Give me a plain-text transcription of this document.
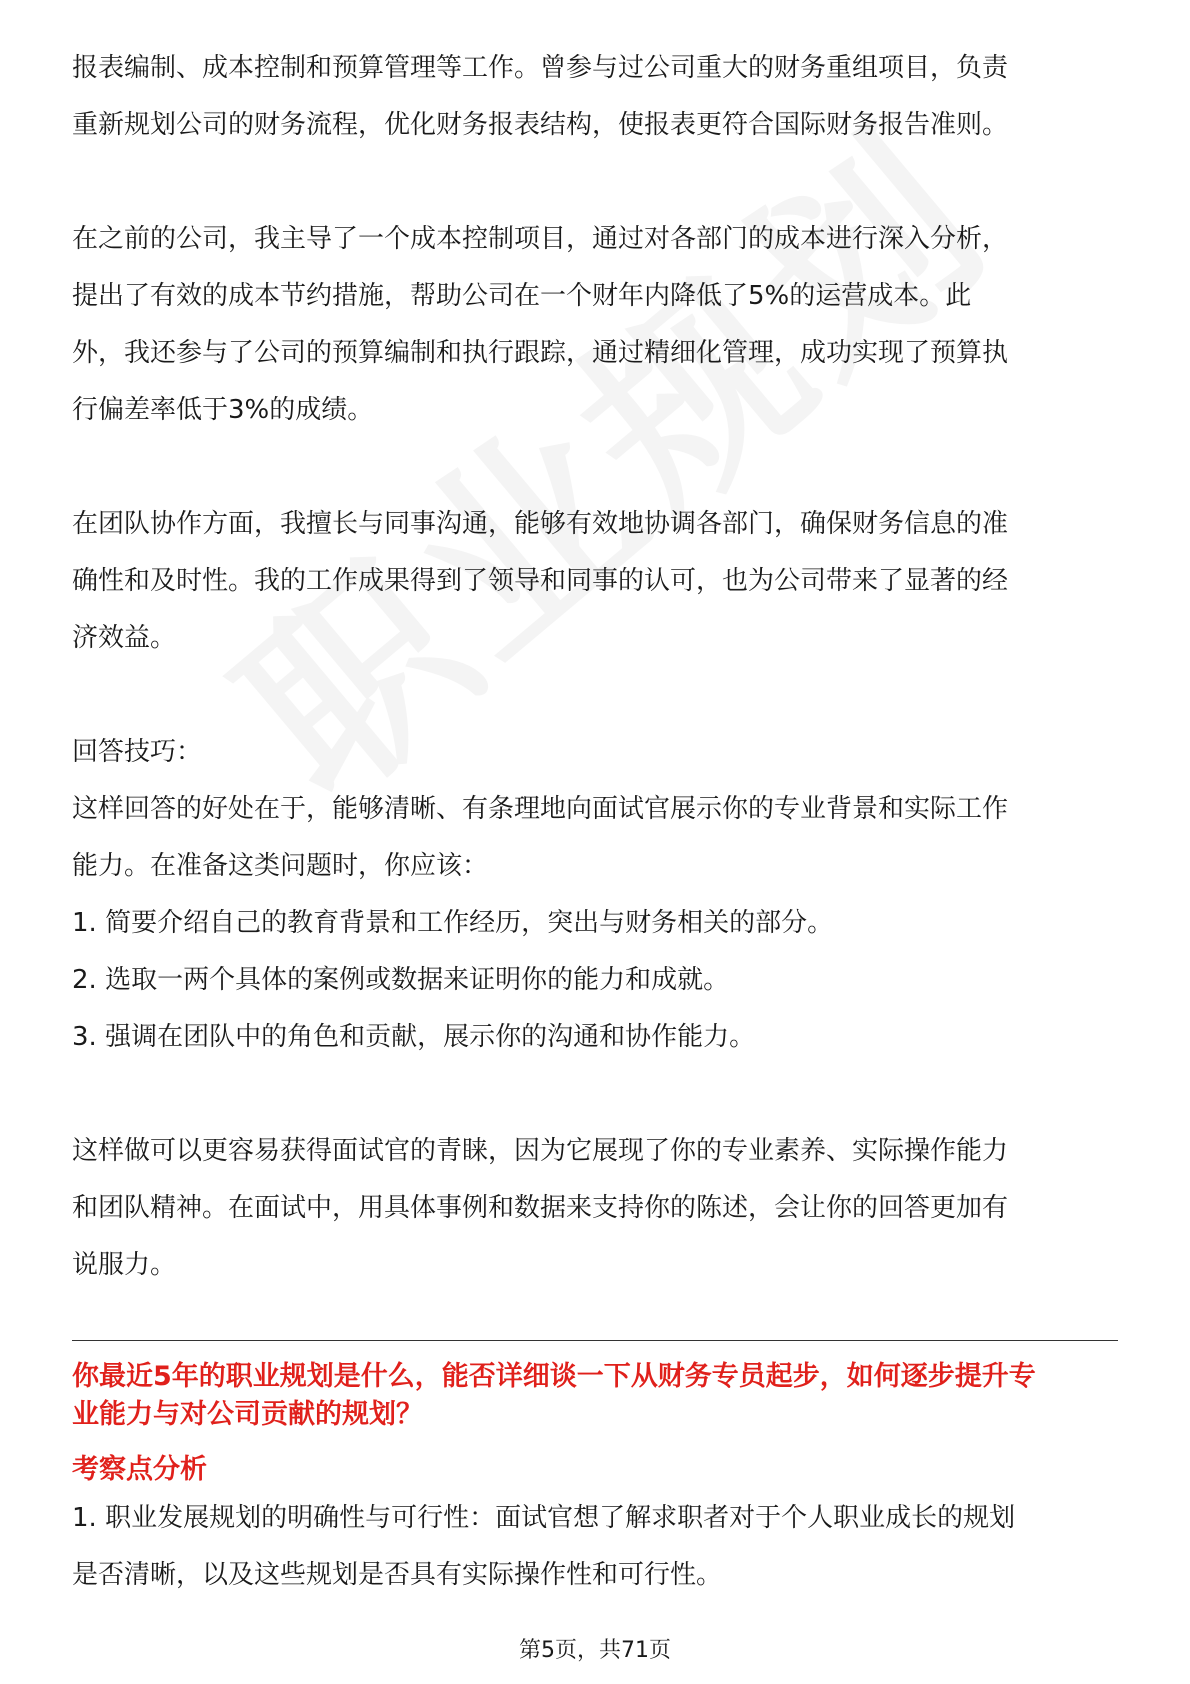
报表编制、成本控制和预算管理等工作。曾参与过公司重大的财务重组项目，负责

重新规划公司的财务流程，优化财务报表结构，使报表更符合国际财务报告准则。

在之前的公司，我主导了一个成本控制项目，通过对各部门的成本进行深入分析，

提出了有效的成本节约措施，帮助公司在一个财年内降低了5%的运营成本。此

外，我还参与了公司的预算编制和执行跟踪，通过精细化管理，成功实现了预算执

行偏差率低于3%的成绩。

在团队协作方面，我擅长与同事沟通，能够有效地协调各部门，确保财务信息的准

确性和及时性。我的工作成果得到了领导和同事的认可，也为公司带来了显著的经

济效益。

回答技巧：

这样回答的好处在于，能够清晰、有条理地向面试官展示你的专业背景和实际工作

能力。在准备这类问题时，你应该：

1. 简要介绍自己的教育背景和工作经历，突出与财务相关的部分。

2. 选取一两个具体的案例或数据来证明你的能力和成就。

3. 强调在团队中的角色和贡献，展示你的沟通和协作能力。

这样做可以更容易获得面试官的青睐，因为它展现了你的专业素养、实际操作能力

和团队精神。在面试中，用具体事例和数据来支持你的陈述，会让你的回答更加有

说服力。

你最近5年的职业规划是什么，能否详细谈一下从财务专员起步，如何逐步提升专
业能力与对公司贡献的规划？
考察点分析
1. 职业发展规划的明确性与可行性：面试官想了解求职者对于个人职业成长的规划
是否清晰，以及这些规划是否具有实际操作性和可行性。
第5页，共71页
